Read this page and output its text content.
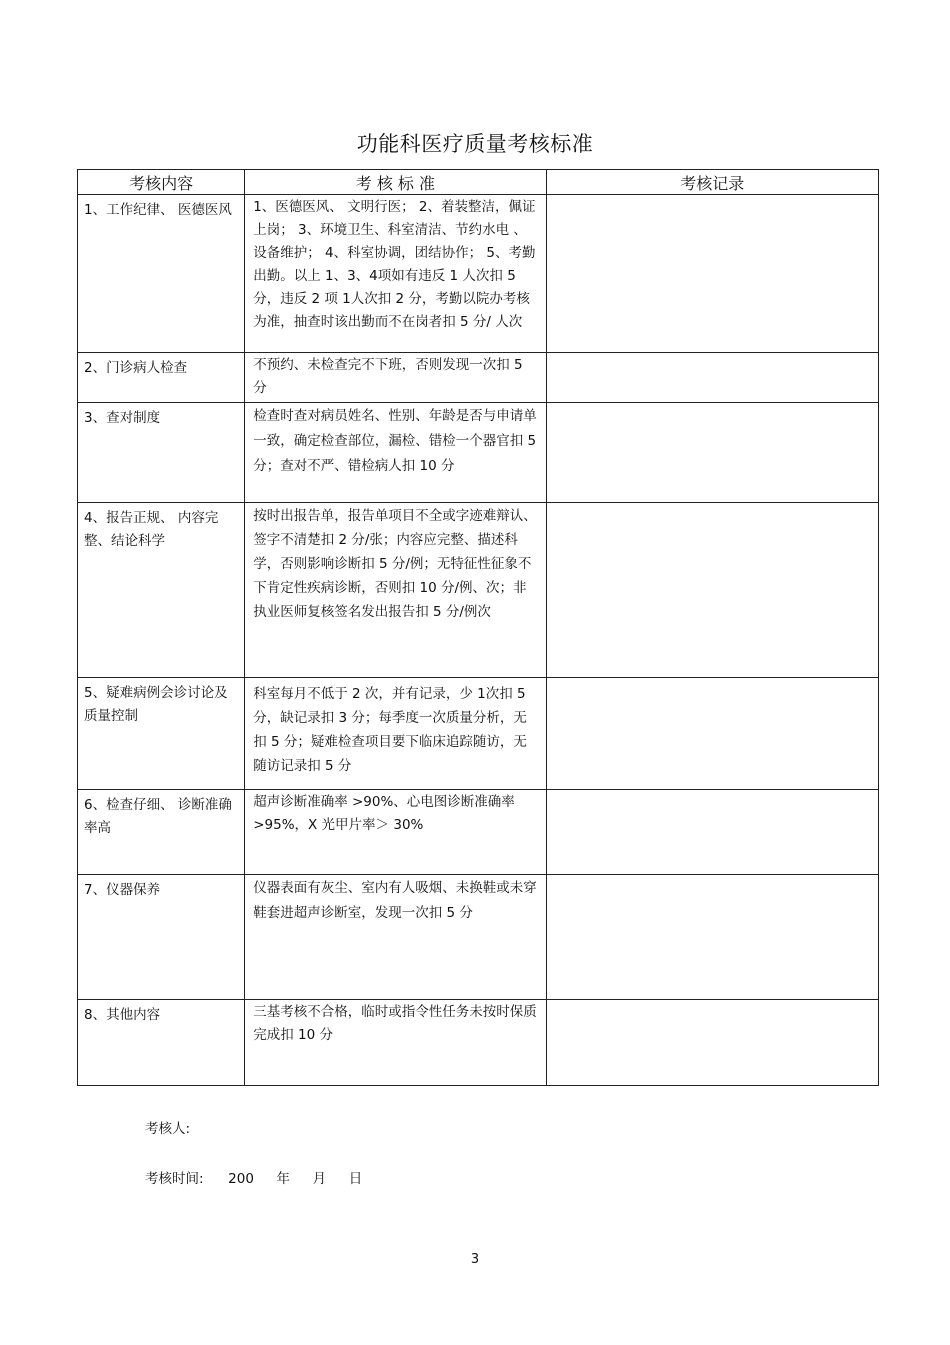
功能科医疗质量考核标准
考核内容	考 核 标 准	考核记录
1、工作纪律、 医德医风	1、医德医风、 文明行医； 2、着装整洁，佩证上岗； 3、环境卫生、科室清洁、节约水电 、设备维护； 4、科室协调，团结协作； 5、考勤出勤。以上 1、3、4项如有违反 1 人次扣 5 分，违反 2 项 1人次扣 2 分，考勤以院办考核为准，抽查时该出勤而不在岗者扣 5 分/ 人次	
2、门诊病人检查	不预约、未检查完不下班，否则发现一次扣 5 分	
3、查对制度	检查时查对病员姓名、性别、年龄是否与申请单一致，确定检查部位，漏检、错检一个器官扣 5 分；查对不严、错检病人扣 10 分	
4、报告正规、 内容完整、结论科学	按时出报告单，报告单项目不全或字迹难辩认、 签字不清楚扣 2 分/张；内容应完整、描述科学，否则影响诊断扣 5 分/例；无特征性征象不下肯定性疾病诊断，否则扣 10 分/例、次；非执业医师复核签名发出报告扣 5 分/例次	
5、疑难病例会诊讨论及质量控制	科室每月不低于 2 次，并有记录，少 1次扣 5 分，缺记录扣 3 分；每季度一次质量分析，无扣 5 分；疑难检查项目要下临床追踪随访，无随访记录扣 5 分	
6、检查仔细、 诊断准确率高	超声诊断准确率 >90%、心电图诊断准确率>95%，X 光甲片率＞ 30%	
7、仪器保养	仪器表面有灰尘、室内有人吸烟、未换鞋或未穿鞋套进超声诊断室，发现一次扣 5 分	
8、其他内容	三基考核不合格，临时或指令性任务未按时保质完成扣 10 分	
考核人:
考核时间: 200 年 月 日
3
